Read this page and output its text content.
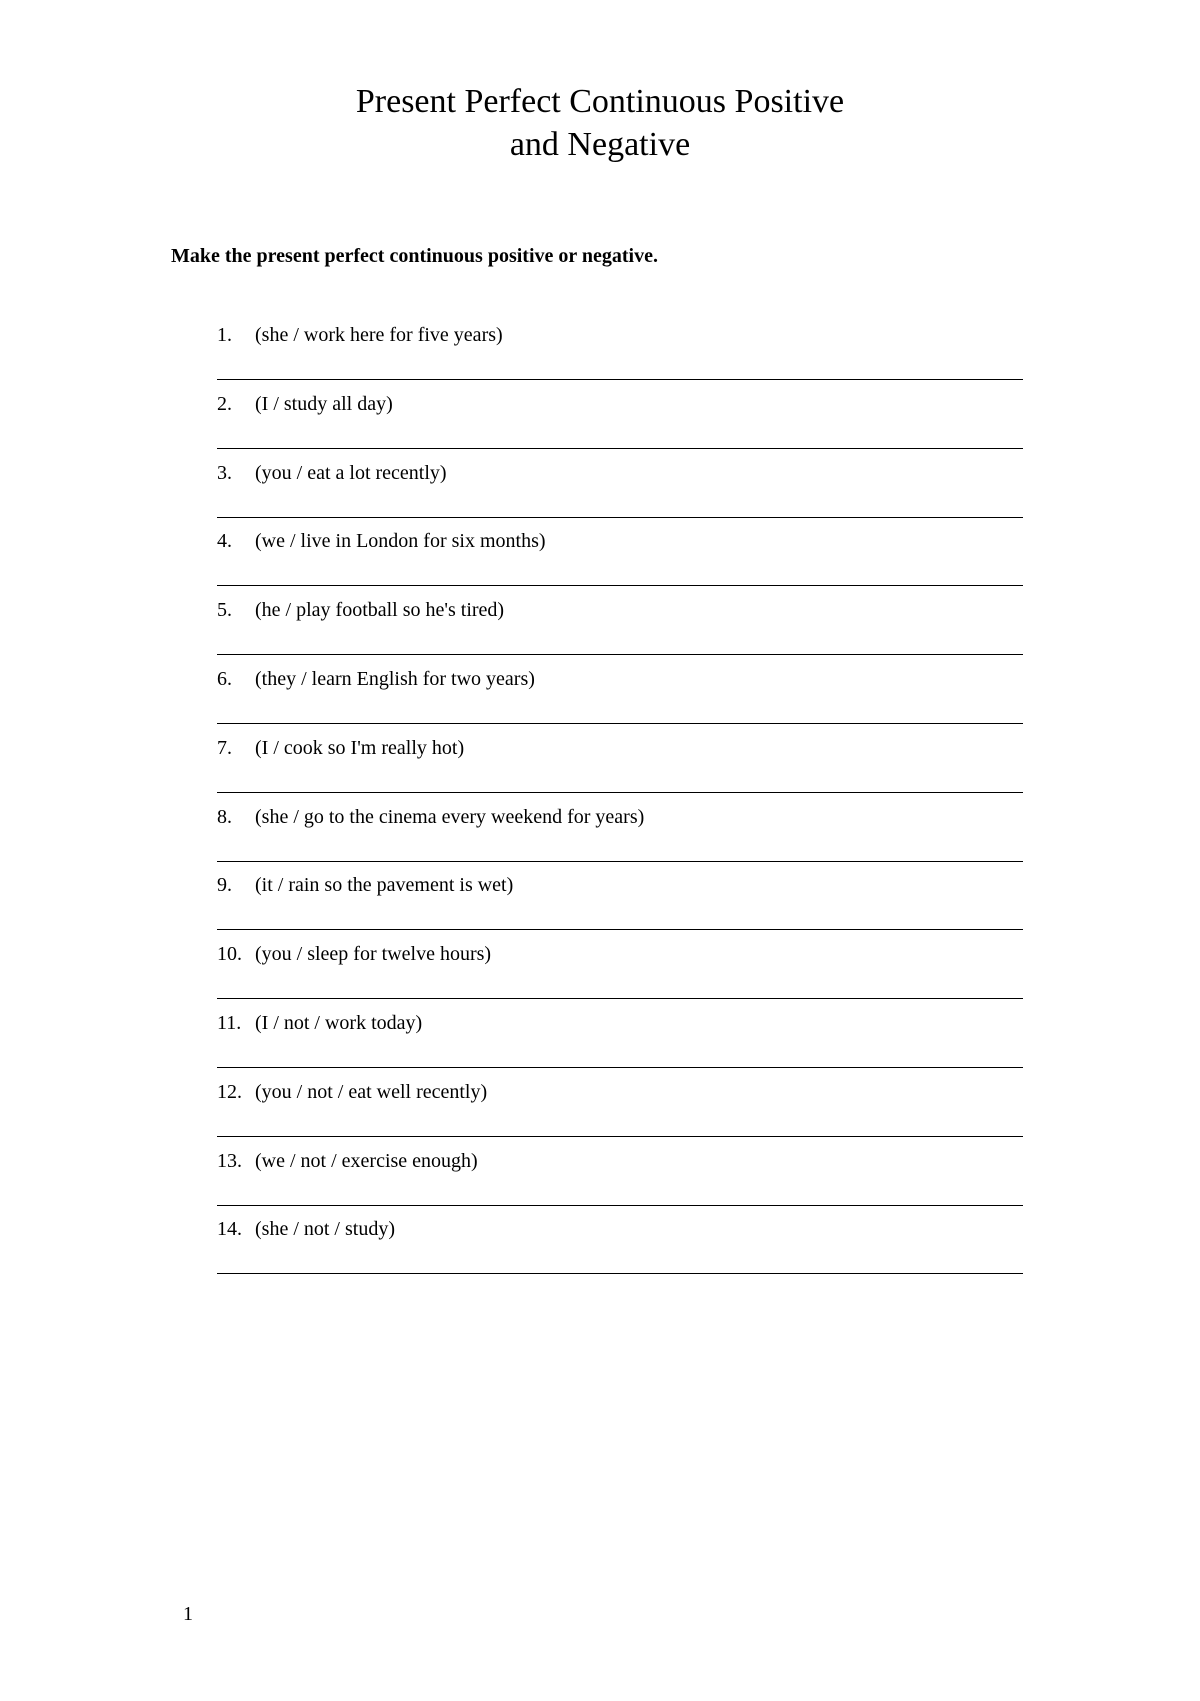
Present Perfect Continuous Positive
and Negative

Make the present perfect continuous positive or negative.

1. (she / work here for five years)
2. (I / study all day)
3. (you / eat a lot recently)
4. (we / live in London for six months)
5. (he / play football so he's tired)
6. (they / learn English for two years)
7. (I / cook so I'm really hot)
8. (she / go to the cinema every weekend for years)
9. (it / rain so the pavement is wet)
10. (you / sleep for twelve hours)
11. (I / not / work today)
12. (you / not / eat well recently)
13. (we / not / exercise enough)
14. (she / not / study)

1
